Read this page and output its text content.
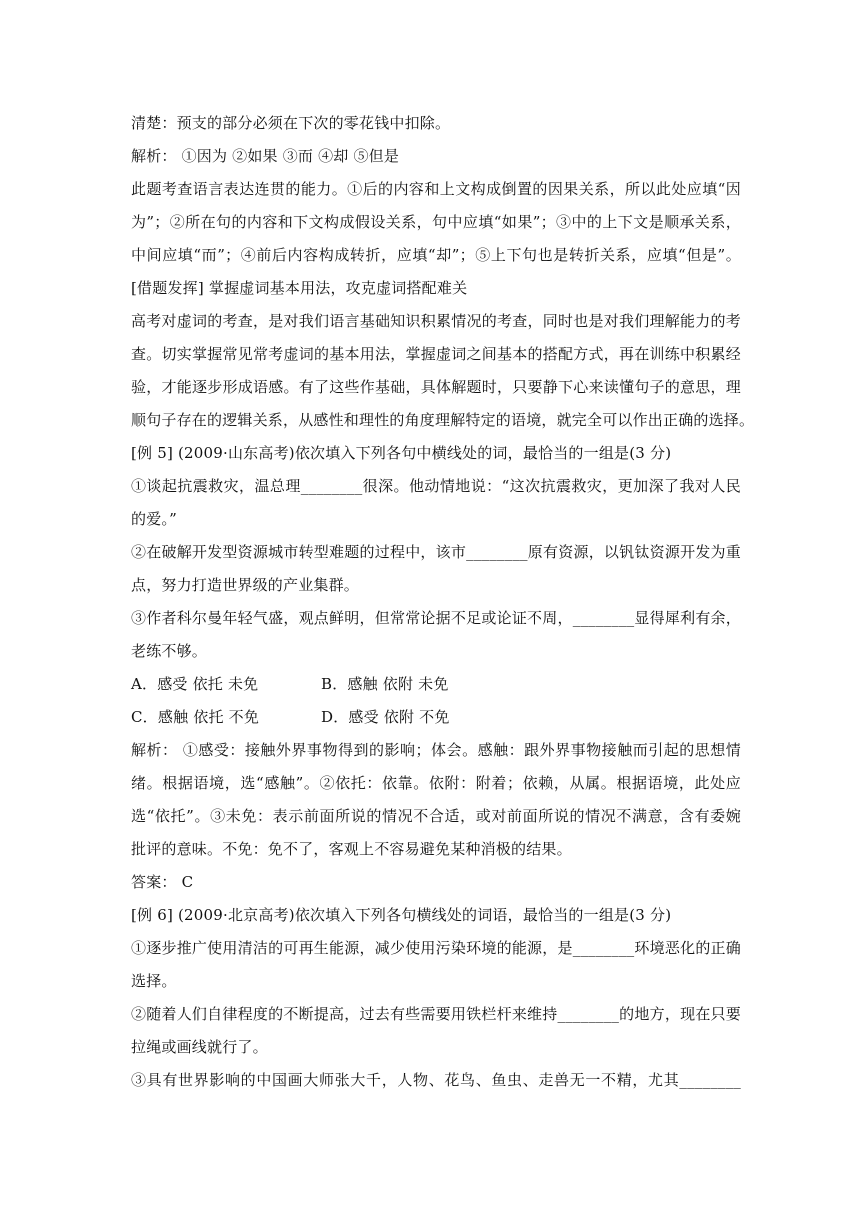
清楚：预支的部分必须在下次的零花钱中扣除。
解析： ①因为 ②如果 ③而 ④却 ⑤但是
此题考查语言表达连贯的能力。①后的内容和上文构成倒置的因果关系，所以此处应填“因
为”；②所在句的内容和下文构成假设关系，句中应填“如果”；③中的上下文是顺承关系，
中间应填“而”；④前后内容构成转折，应填“却”；⑤上下句也是转折关系，应填“但是”。
[借题发挥] 掌握虚词基本用法，攻克虚词搭配难关
高考对虚词的考查，是对我们语言基础知识积累情况的考查，同时也是对我们理解能力的考
查。切实掌握常见常考虚词的基本用法，掌握虚词之间基本的搭配方式，再在训练中积累经
验，才能逐步形成语感。有了这些作基础，具体解题时，只要静下心来读懂句子的意思，理
顺句子存在的逻辑关系，从感性和理性的角度理解特定的语境，就完全可以作出正确的选择。
[例 5] (2009·山东高考)依次填入下列各句中横线处的词，最恰当的一组是(3 分)
①谈起抗震救灾，温总理________很深。他动情地说：“这次抗震救灾，更加深了我对人民
的爱。”
②在破解开发型资源城市转型难题的过程中，该市________原有资源，以钒钛资源开发为重
点，努力打造世界级的产业集群。
③作者科尔曼年轻气盛，观点鲜明，但常常论据不足或论证不周，________显得犀利有余，
老练不够。
A．感受 依托 未免	B．感触 依附 未免
C．感触 依托 不免	D．感受 依附 不免
解析： ①感受：接触外界事物得到的影响；体会。感触：跟外界事物接触而引起的思想情
绪。根据语境，选“感触”。②依托：依靠。依附：附着；依赖，从属。根据语境，此处应
选“依托”。③未免：表示前面所说的情况不合适，或对前面所说的情况不满意，含有委婉
批评的意味。不免：免不了，客观上不容易避免某种消极的结果。
答案： C
[例 6] (2009·北京高考)依次填入下列各句横线处的词语，最恰当的一组是(3 分)
①逐步推广使用清洁的可再生能源，减少使用污染环境的能源，是________环境恶化的正确
选择。
②随着人们自律程度的不断提高，过去有些需要用铁栏杆来维持________的地方，现在只要
拉绳或画线就行了。
③具有世界影响的中国画大师张大千，人物、花鸟、鱼虫、走兽无一不精，尤其________
